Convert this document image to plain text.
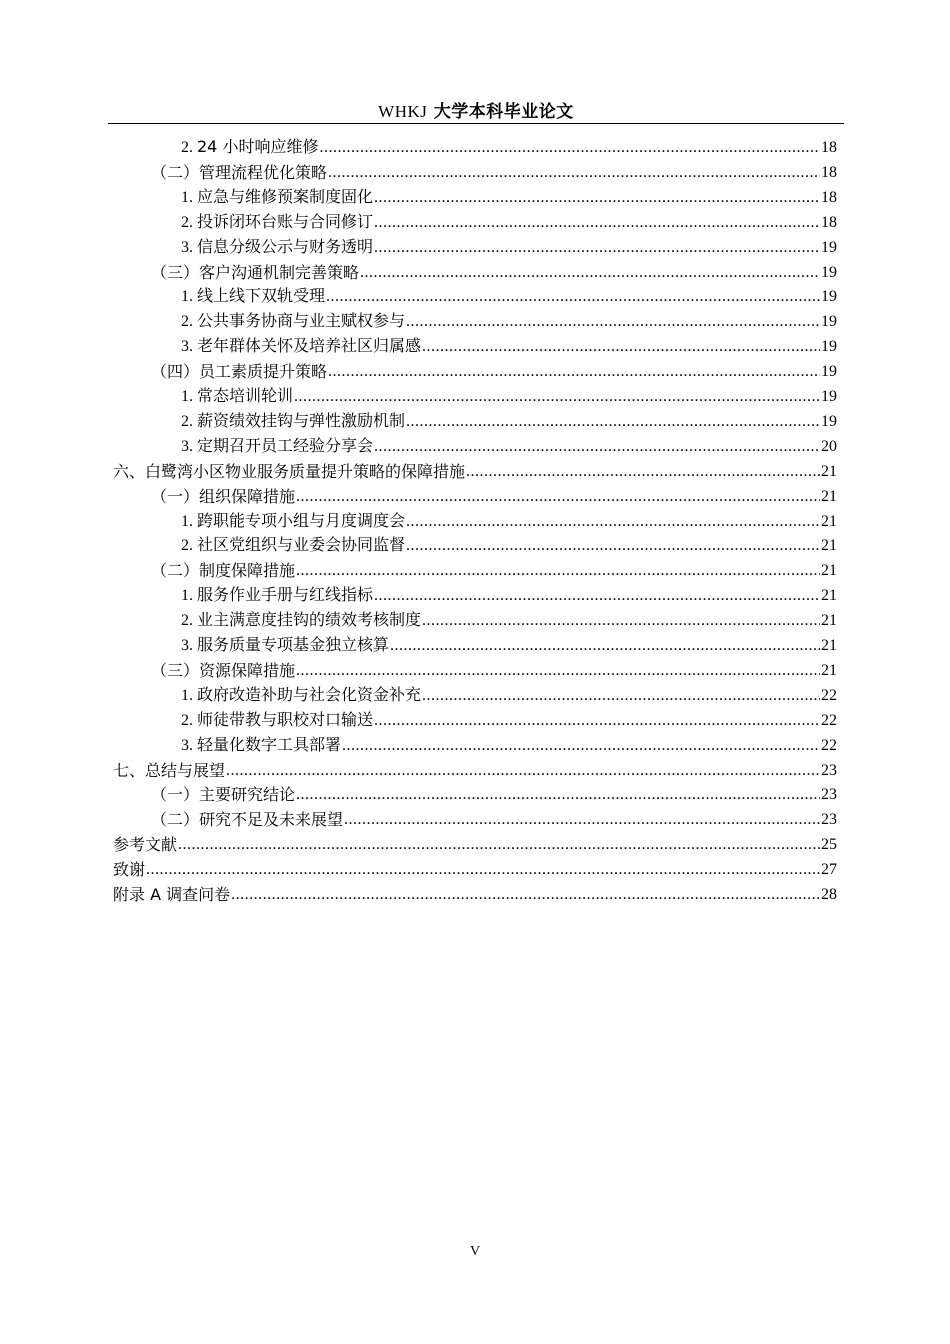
WHKJ 大学本科毕业论文
2. 24 小时响应维修 .....	18
（二）管理流程优化策略 .....	18
1. 应急与维修预案制度固化 .....	18
2. 投诉闭环台账与合同修订 .....	18
3. 信息分级公示与财务透明 .....	19
（三）客户沟通机制完善策略 .....	19
1. 线上线下双轨受理 .....	19
2. 公共事务协商与业主赋权参与 .....	19
3. 老年群体关怀及培养社区归属感 .....	19
（四）员工素质提升策略 .....	19
1. 常态培训轮训 .....	19
2. 薪资绩效挂钩与弹性激励机制 .....	19
3. 定期召开员工经验分享会 .....	20
六、白鹭湾小区物业服务质量提升策略的保障措施 .....	21
（一）组织保障措施 .....	21
1. 跨职能专项小组与月度调度会 .....	21
2. 社区党组织与业委会协同监督 .....	21
（二）制度保障措施 .....	21
1. 服务作业手册与红线指标 .....	21
2. 业主满意度挂钩的绩效考核制度 .....	21
3. 服务质量专项基金独立核算 .....	21
（三）资源保障措施 .....	21
1. 政府改造补助与社会化资金补充 .....	22
2. 师徒带教与职校对口输送 .....	22
3. 轻量化数字工具部署 .....	22
七、总结与展望 .....	23
（一）主要研究结论 .....	23
（二）研究不足及未来展望 .....	23
参考文献 .....	25
致谢 .....	27
附录 A 调查问卷 .....	28
V
